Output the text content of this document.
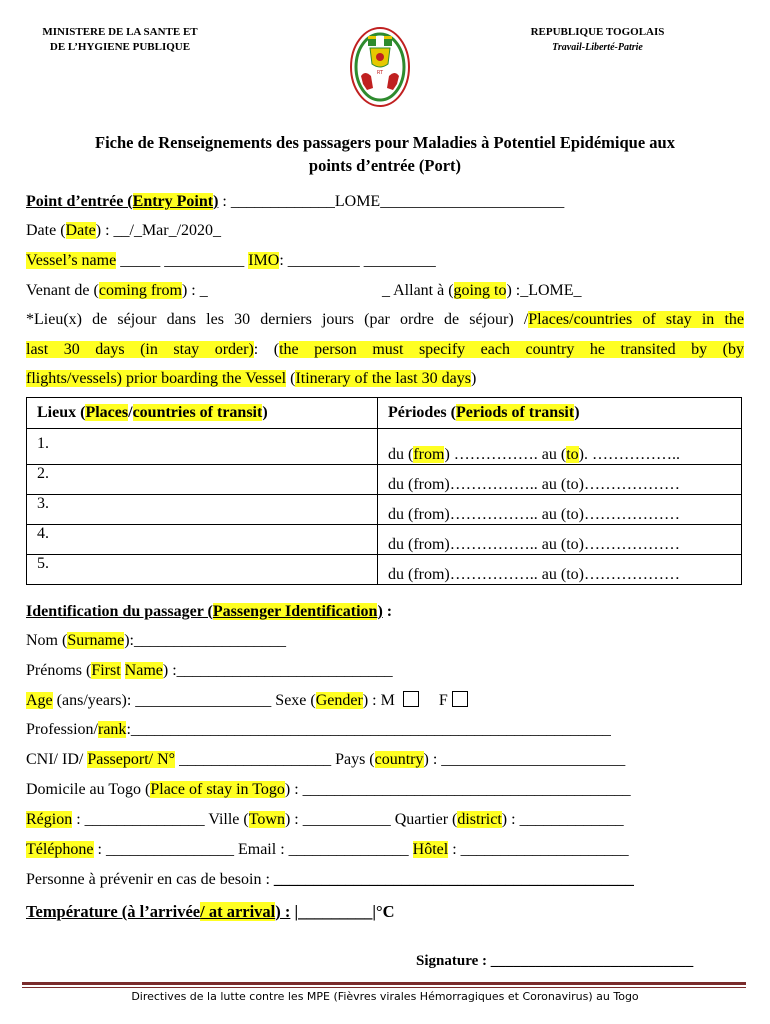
MINISTERE DE LA SANTE ET
DE L’HYGIENE PUBLIQUE
REPUBLIQUE TOGOLAIS
Travail-Liberté-Patrie
RT
Fiche de Renseignements des passagers pour Maladies à Potentiel Epidémique aux
points d’entrée (Port)
Point d’entrée (Entry Point) : _____________LOME_______________________
Date (Date) : __/_Mar_/2020_
Vessel’s name _____ __________ IMO: _________ _________
Venant de (coming from) : _	_ Allant à (going to) :_LOME_
*Lieu(x) de séjour dans les 30 derniers jours (par ordre de séjour) /Places/countries of stay in the
last 30 days (in stay order): (the person must specify each country he transited by (by
flights/vessels) prior boarding the Vessel (Itinerary of the last 30 days)
Lieux (Places/countries of transit)	Périodes (Periods of transit)
1.	du (from) ……………. au (to). ……………..
2.	du (from)…………….. au (to)………………
3.	du (from)…………….. au (to)………………
4.	du (from)…………….. au (to)………………
5.	du (from)…………….. au (to)………………
Identification du passager (Passenger Identification) :
Nom (Surname):___________________
Prénoms (First Name) :___________________________
Age (ans/years): _________________ Sexe (Gender) : M	F
Profession/rank:____________________________________________________________
CNI/ ID/ Passeport/ N° ___________________ Pays (country) : _______________________
Domicile au Togo (Place of stay in Togo) : _________________________________________
Région : _______________ Ville (Town) : ___________ Quartier (district) : _____________
Téléphone : ________________ Email : _______________ Hôtel : _____________________
Personne à prévenir en cas de besoin : _____________________________________________
Température (à l’arrivée/ at arrival) : |_________|°C
Signature : ___________________________
Directives de la lutte contre les MPE (Fièvres virales Hémorragiques et Coronavirus) au Togo
